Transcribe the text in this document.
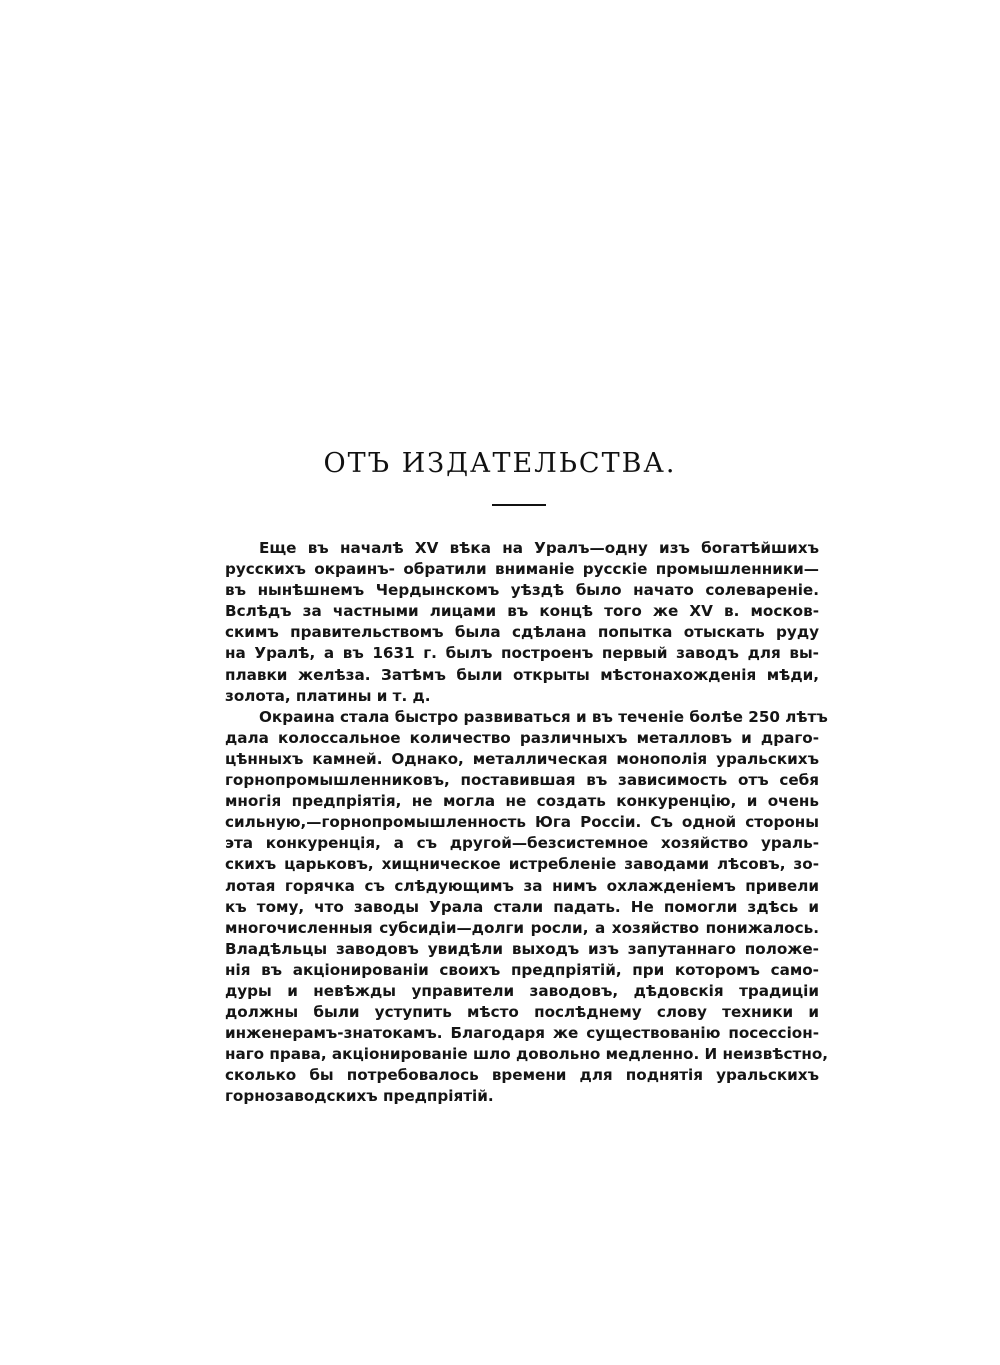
ОТЪ ИЗДАТЕЛЬСТВА.
Еще въ началѣ XV вѣка на Уралъ—одну изъ богатѣйшихъ
русскихъ окраинъ- обратили вниманіе русскіе промышленники—
въ нынѣшнемъ Чердынскомъ уѣздѣ было начато солевареніе.
Вслѣдъ за частными лицами въ концѣ того же XV в. москов-
скимъ правительствомъ была сдѣлана попытка отыскать руду
на Уралѣ, а въ 1631 г. былъ построенъ первый заводъ для вы-
плавки желѣза. Затѣмъ были открыты мѣстонахожденія мѣди,
золота, платины и т. д.
Окраина стала быстро развиваться и въ теченіе болѣе 250 лѣтъ
дала колоссальное количество различныхъ металловъ и драго-
цѣнныхъ камней. Однако, металлическая монополія уральскихъ
горнопромышленниковъ, поставившая въ зависимость отъ себя
многія предпріятія, не могла не создать конкуренцію, и очень
сильную,—горнопромышленность Юга Россіи. Съ одной стороны
эта конкуренція, а съ другой—безсистемное хозяйство ураль-
скихъ царьковъ, хищническое истребленіе заводами лѣсовъ, зо-
лотая горячка съ слѣдующимъ за нимъ охлажденіемъ привели
къ тому, что заводы Урала стали падать. Не помогли здѣсь и
многочисленныя субсидіи—долги росли, а хозяйство понижалось.
Владѣльцы заводовъ увидѣли выходъ изъ запутаннаго положе-
нія въ акціонированіи своихъ предпріятій, при которомъ само-
дуры и невѣжды управители заводовъ, дѣдовскія традиціи
должны были уступить мѣсто послѣднему слову техники и
инженерамъ-знатокамъ. Благодаря же существованію посессіон-
наго права, акціонированіе шло довольно медленно. И неизвѣстно,
сколько бы потребовалось времени для поднятія уральскихъ
горнозаводскихъ предпріятій.
